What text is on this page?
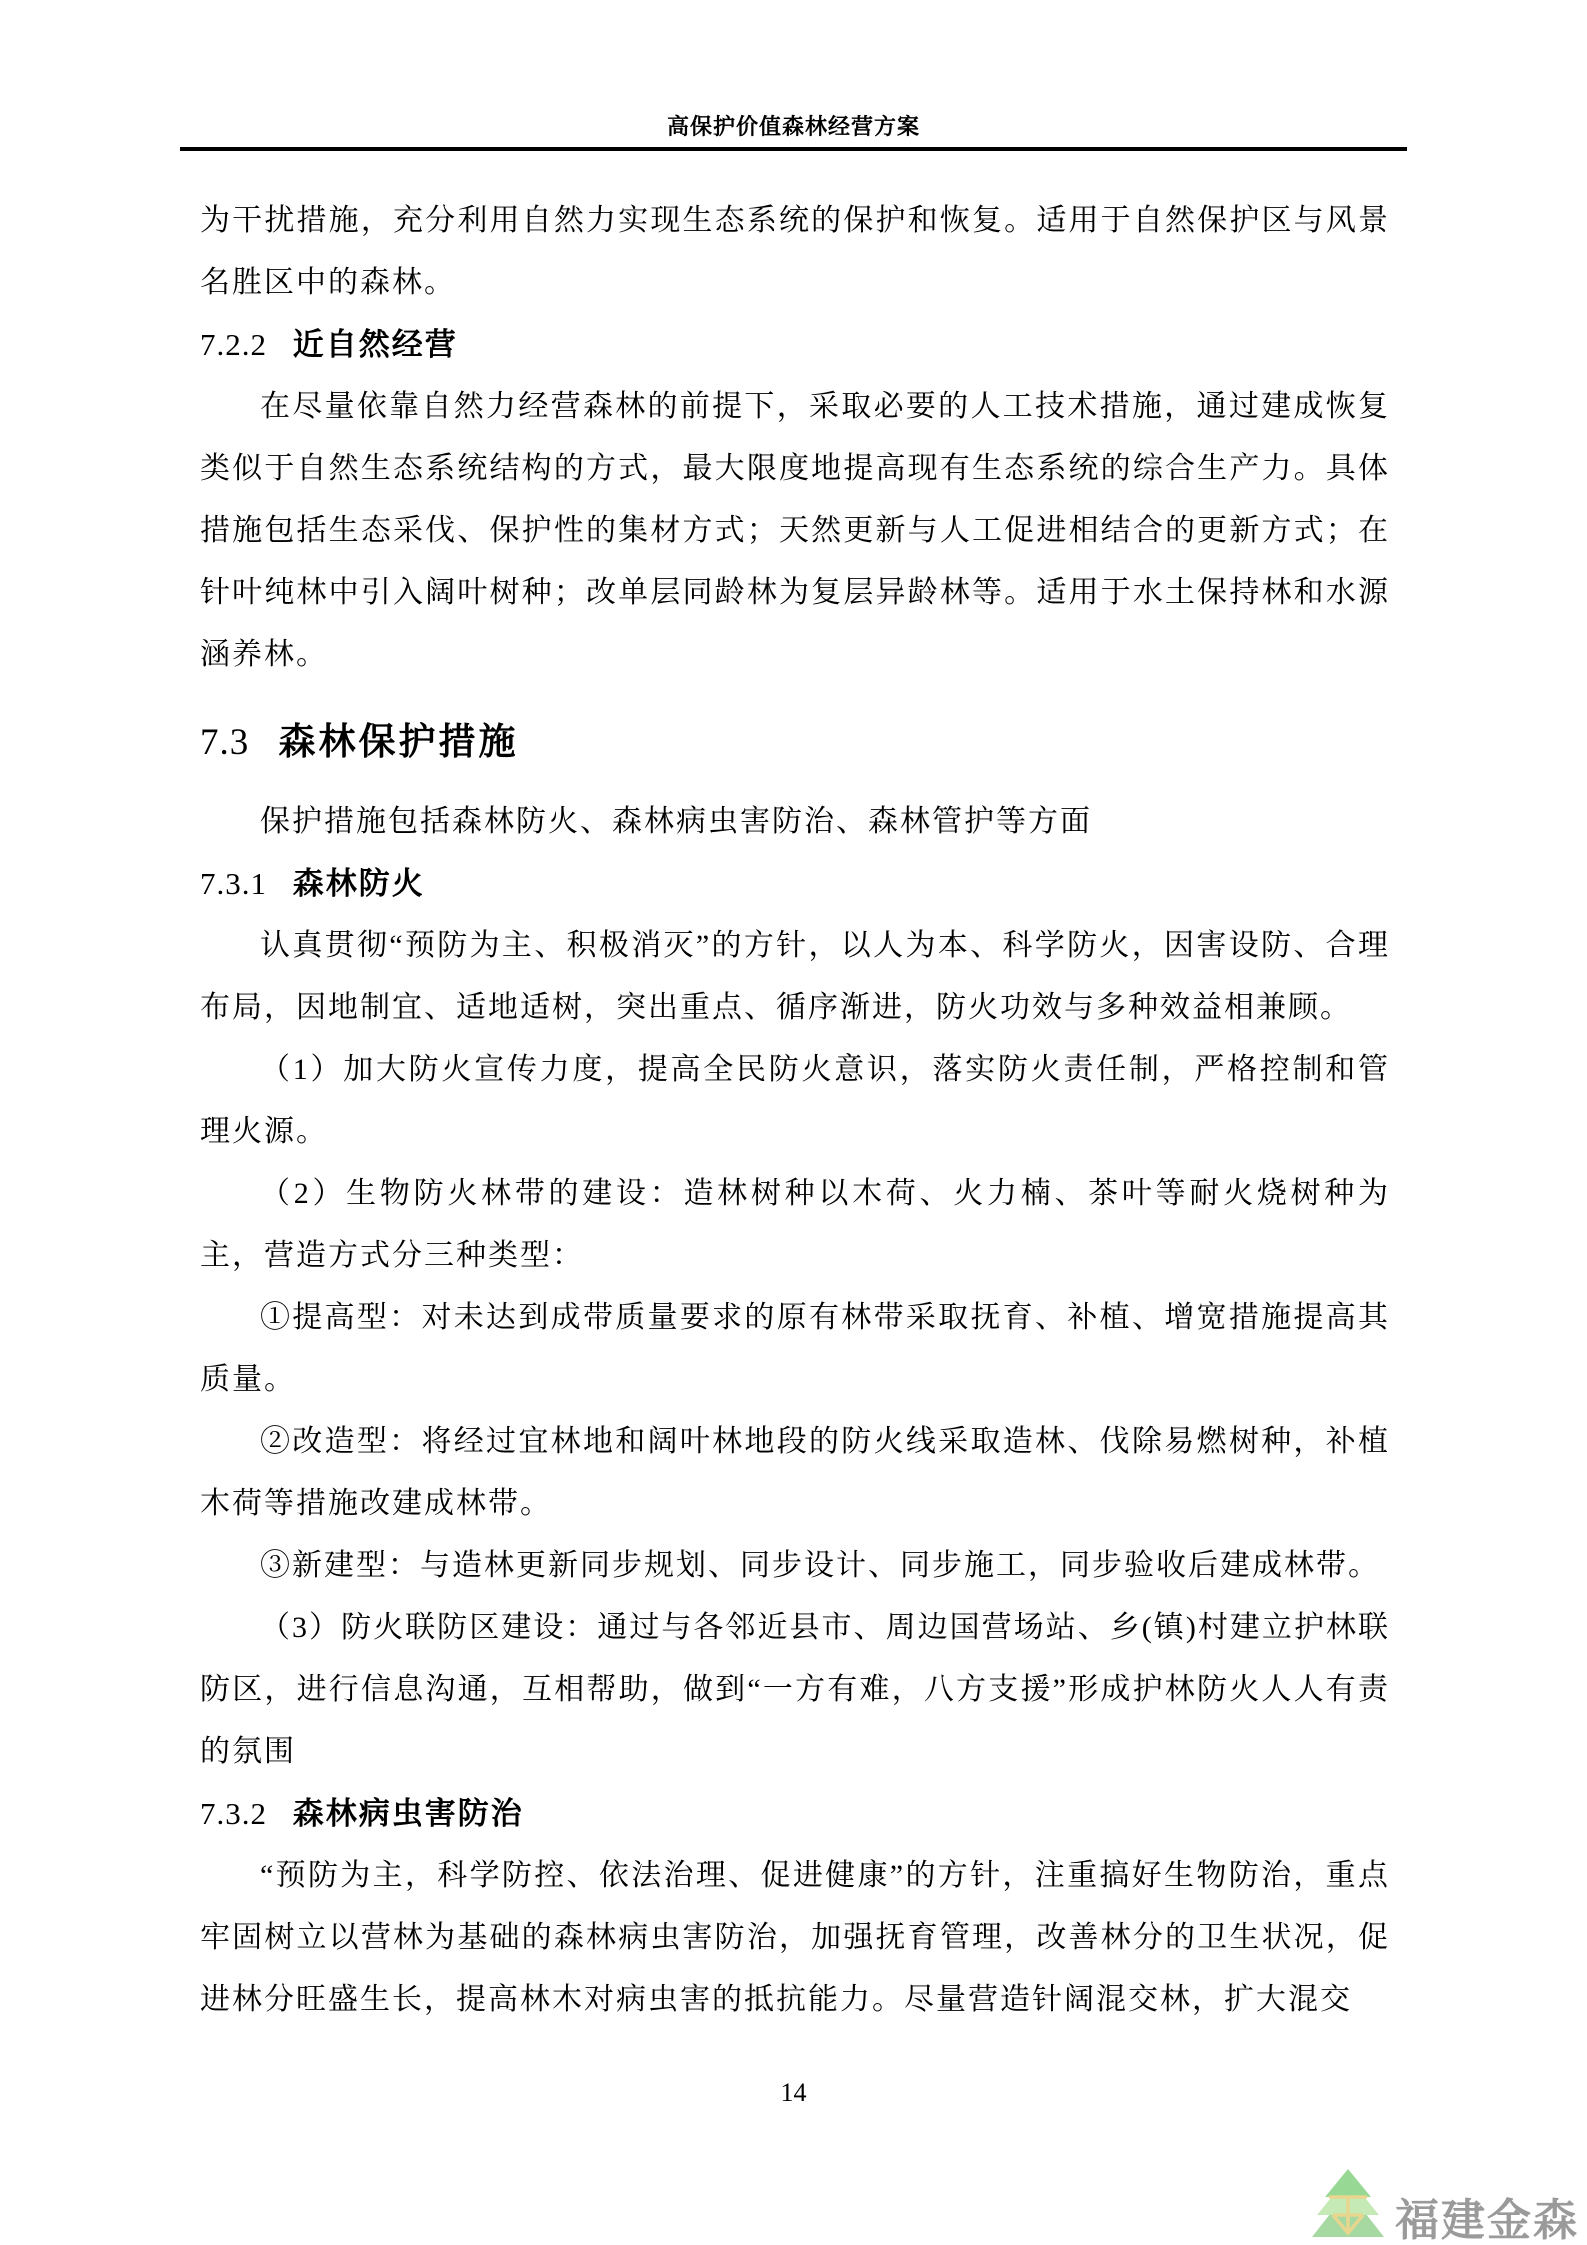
高保护价值森林经营方案

为干扰措施，充分利用自然力实现生态系统的保护和恢复。适用于自然保护区与风景名胜区中的森林。

7.2.2 近自然经营

在尽量依靠自然力经营森林的前提下，采取必要的人工技术措施，通过建成恢复类似于自然生态系统结构的方式，最大限度地提高现有生态系统的综合生产力。具体措施包括生态采伐、保护性的集材方式；天然更新与人工促进相结合的更新方式；在针叶纯林中引入阔叶树种；改单层同龄林为复层异龄林等。适用于水土保持林和水源涵养林。

7.3 森林保护措施

保护措施包括森林防火、森林病虫害防治、森林管护等方面

7.3.1 森林防火

认真贯彻“预防为主、积极消灭”的方针，以人为本、科学防火，因害设防、合理布局，因地制宜、适地适树，突出重点、循序渐进，防火功效与多种效益相兼顾。

（1）加大防火宣传力度，提高全民防火意识，落实防火责任制，严格控制和管理火源。

（2）生物防火林带的建设：造林树种以木荷、火力楠、茶叶等耐火烧树种为主，营造方式分三种类型：

①提高型：对未达到成带质量要求的原有林带采取抚育、补植、增宽措施提高其质量。

②改造型：将经过宜林地和阔叶林地段的防火线采取造林、伐除易燃树种，补植木荷等措施改建成林带。

③新建型：与造林更新同步规划、同步设计、同步施工，同步验收后建成林带。

（3）防火联防区建设：通过与各邻近县市、周边国营场站、乡(镇)村建立护林联防区，进行信息沟通，互相帮助，做到“一方有难，八方支援”形成护林防火人人有责的氛围

7.3.2 森林病虫害防治

“预防为主，科学防控、依法治理、促进健康”的方针，注重搞好生物防治，重点牢固树立以营林为基础的森林病虫害防治，加强抚育管理，改善林分的卫生状况，促进林分旺盛生长，提高林木对病虫害的抵抗能力。尽量营造针阔混交林，扩大混交

14
福建金森
